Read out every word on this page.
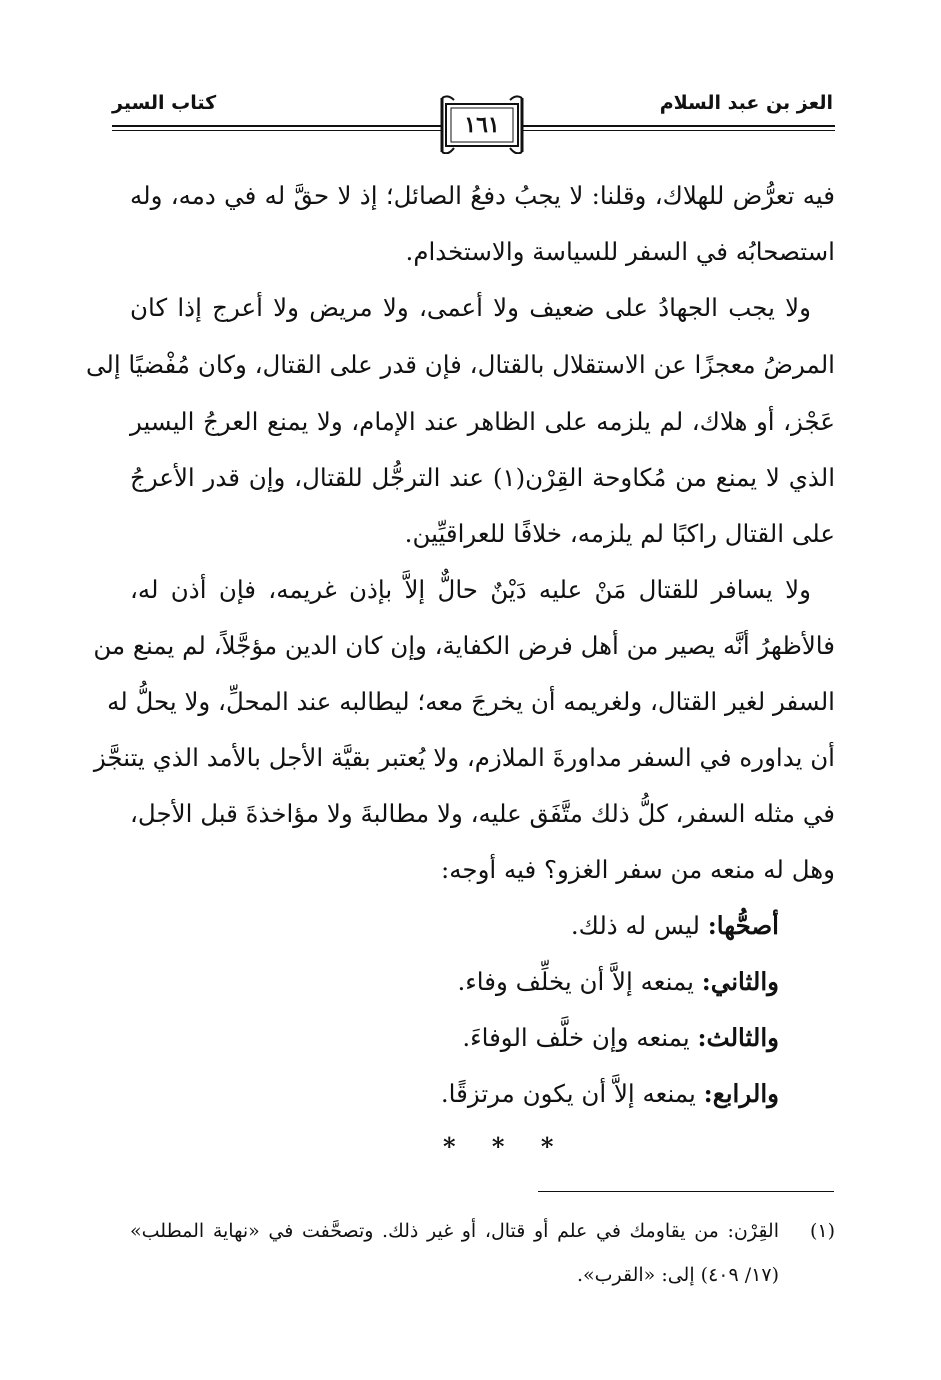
العز بن عبد السلام
كتاب السير
١٦١
فيه تعرُّض للهلاك، وقلنا: لا يجبُ دفعُ الصائل؛ إذ لا حقَّ له في دمه، وله
استصحابُه في السفر للسياسة والاستخدام.
ولا يجب الجهادُ على ضعيف ولا أعمى، ولا مريض ولا أعرج إذا كان
المرضُ معجزًا عن الاستقلال بالقتال، فإن قدر على القتال، وكان مُفْضيًا إلى
عَجْز، أو هلاك، لم يلزمه على الظاهر عند الإمام، ولا يمنع العرجُ اليسير
الذي لا يمنع من مُكاوحة القِرْن(١) عند الترجُّل للقتال، وإن قدر الأعرجُ
على القتال راكبًا لم يلزمه، خلافًا للعراقيِّين.
ولا يسافر للقتال مَنْ عليه دَيْنٌ حالٌّ إلاَّ بإذن غريمه، فإن أذن له،
فالأظهرُ أنَّه يصير من أهل فرض الكفاية، وإن كان الدين مؤجَّلاً، لم يمنع من
السفر لغير القتال، ولغريمه أن يخرجَ معه؛ ليطالبه عند المحلِّ، ولا يحلُّ له
أن يداوره في السفر مداورةَ الملازم، ولا يُعتبر بقيَّة الأجل بالأمد الذي يتنجَّز
في مثله السفر، كلُّ ذلك متَّفَق عليه، ولا مطالبةَ ولا مؤاخذةَ قبل الأجل،
وهل له منعه من سفر الغزو؟ فيه أوجه:
أصحُّها: ليس له ذلك.
والثاني: يمنعه إلاَّ أن يخلِّف وفاء.
والثالث: يمنعه وإن خلَّف الوفاءَ.
والرابع: يمنعه إلاَّ أن يكون مرتزقًا.
* * *
(١)القِرْن: من يقاومك في علم أو قتال، أو غير ذلك. وتصحَّفت في «نهاية المطلب»
(١٧/ ٤٠٩) إلى: «القرب».
